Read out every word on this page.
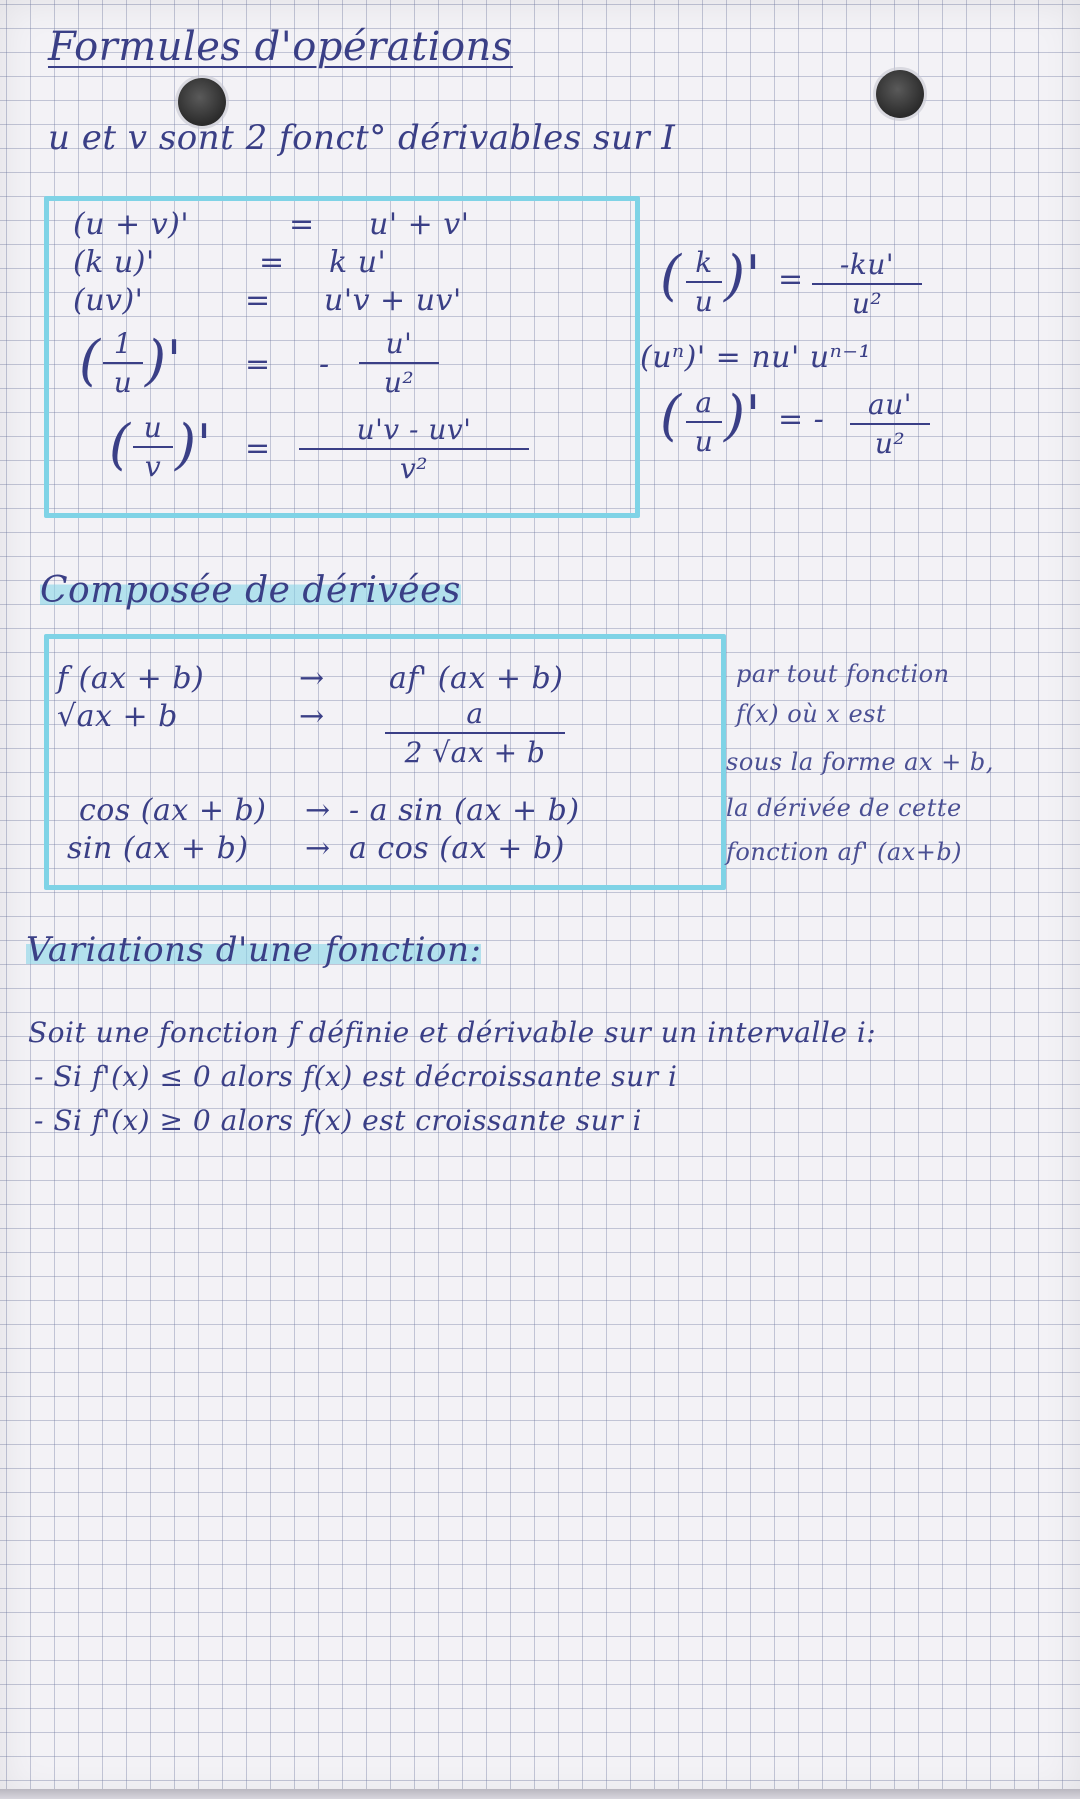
Formules d'opérations
u et v sont 2 fonct° dérivables sur I
(u + v)'	= u' + v'
(k u)'	= k u'
(uv)'	= u'v + uv'
( 1
u )' = -
u'
u²
( u
v )' =
u'v - uv'
v²
( k
u )' =	-ku'
u²
(uⁿ)' = nu' uⁿ⁻¹
( a
u )' = -	au'
u²
Composée de dérivées
f (ax + b)	→ af' (ax + b)
√ax + b	→	a
2 √ax + b
cos (ax + b) → - a sin (ax + b)
sin (ax + b) → a cos (ax + b)
par tout fonction
f(x) où x est
sous la forme ax + b,
la dérivée de cette
fonction af' (ax+b)
Variations d'une fonction:
Soit une fonction f définie et dérivable sur un intervalle i:
- Si f'(x) ≤ 0 alors f(x) est décroissante sur i
- Si f'(x) ≥ 0 alors f(x) est croissante sur i
